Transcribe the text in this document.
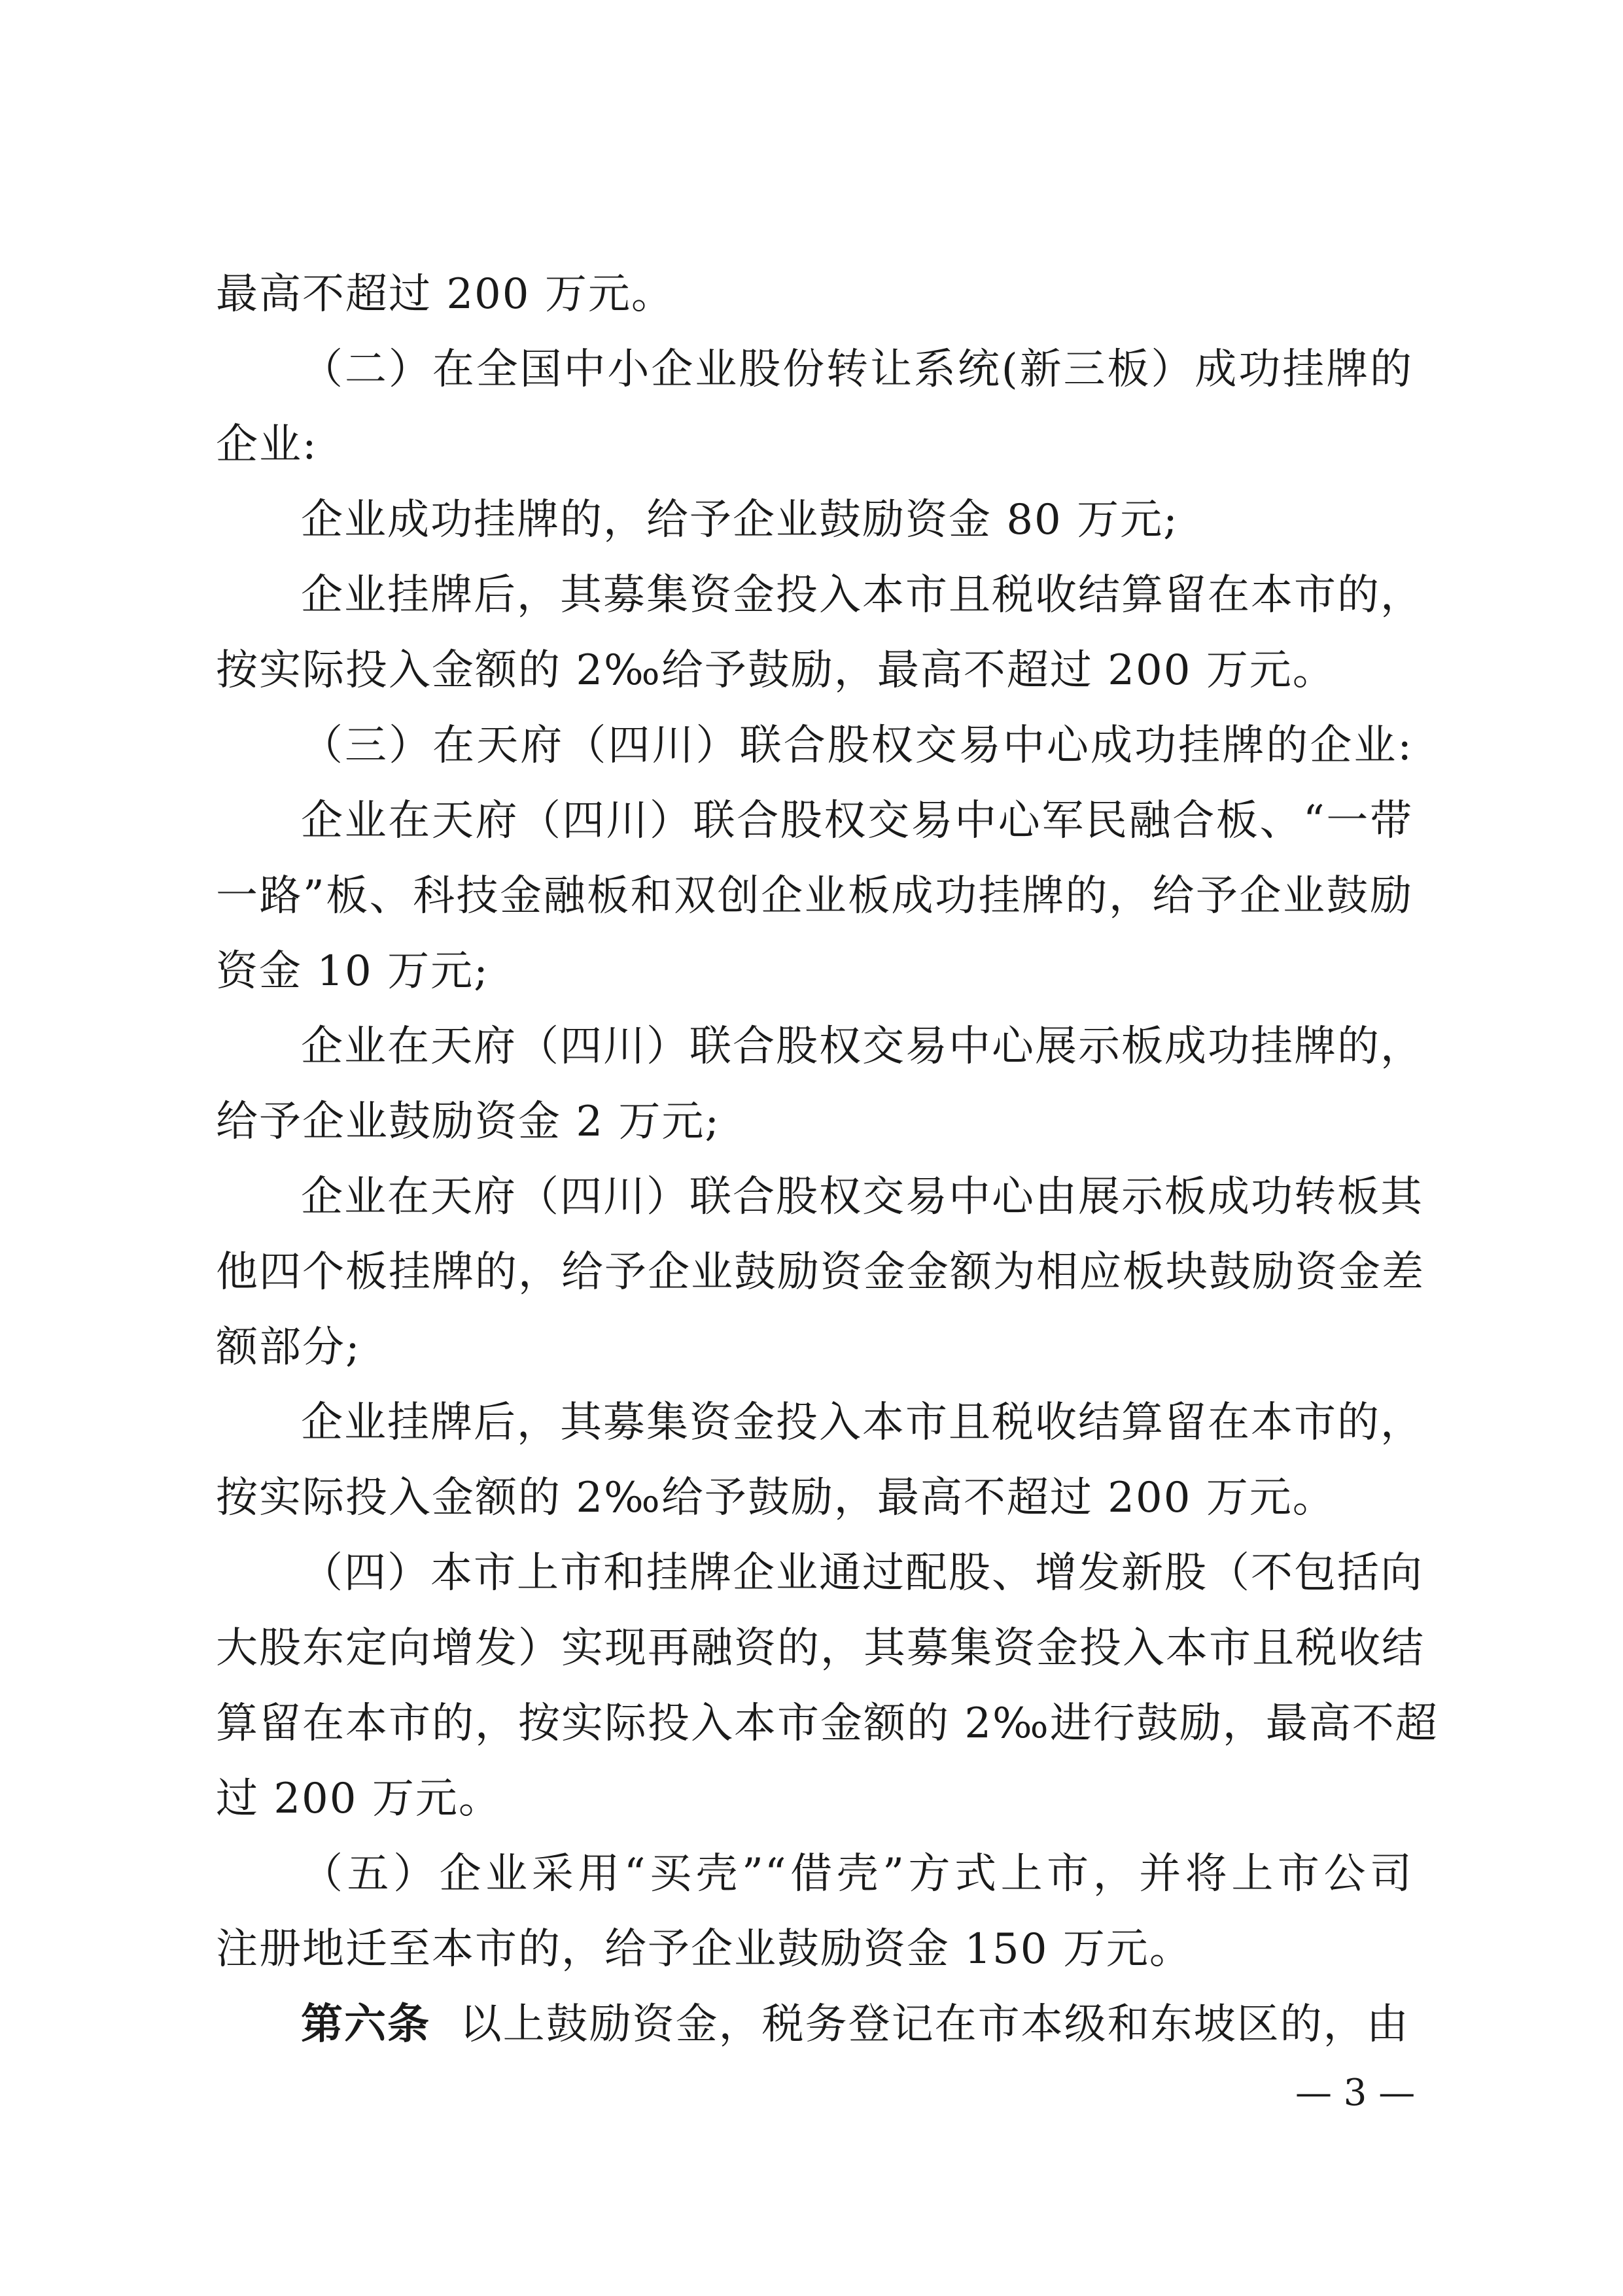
最高不超过 200 万元。
（二）在全国中小企业股份转让系统(新三板）成功挂牌的
企业:
企业成功挂牌的，给予企业鼓励资金 80 万元;
企业挂牌后，其募集资金投入本市且税收结算留在本市的，
按实际投入金额的 2‰给予鼓励，最高不超过 200 万元。
（三）在天府（四川）联合股权交易中心成功挂牌的企业:
企业在天府（四川）联合股权交易中心军民融合板、“一带
一路”板、科技金融板和双创企业板成功挂牌的，给予企业鼓励
资金 10 万元;
企业在天府（四川）联合股权交易中心展示板成功挂牌的，
给予企业鼓励资金 2 万元;
企业在天府（四川）联合股权交易中心由展示板成功转板其
他四个板挂牌的，给予企业鼓励资金金额为相应板块鼓励资金差
额部分;
企业挂牌后，其募集资金投入本市且税收结算留在本市的，
按实际投入金额的 2‰给予鼓励，最高不超过 200 万元。
（四）本市上市和挂牌企业通过配股、增发新股（不包括向
大股东定向增发）实现再融资的，其募集资金投入本市且税收结
算留在本市的，按实际投入本市金额的 2‰进行鼓励，最高不超
过 200 万元。
（五）企业采用“买壳”“借壳”方式上市，并将上市公司
注册地迁至本市的，给予企业鼓励资金 150 万元。
第六条 以上鼓励资金，税务登记在市本级和东坡区的，由
— 3 —
